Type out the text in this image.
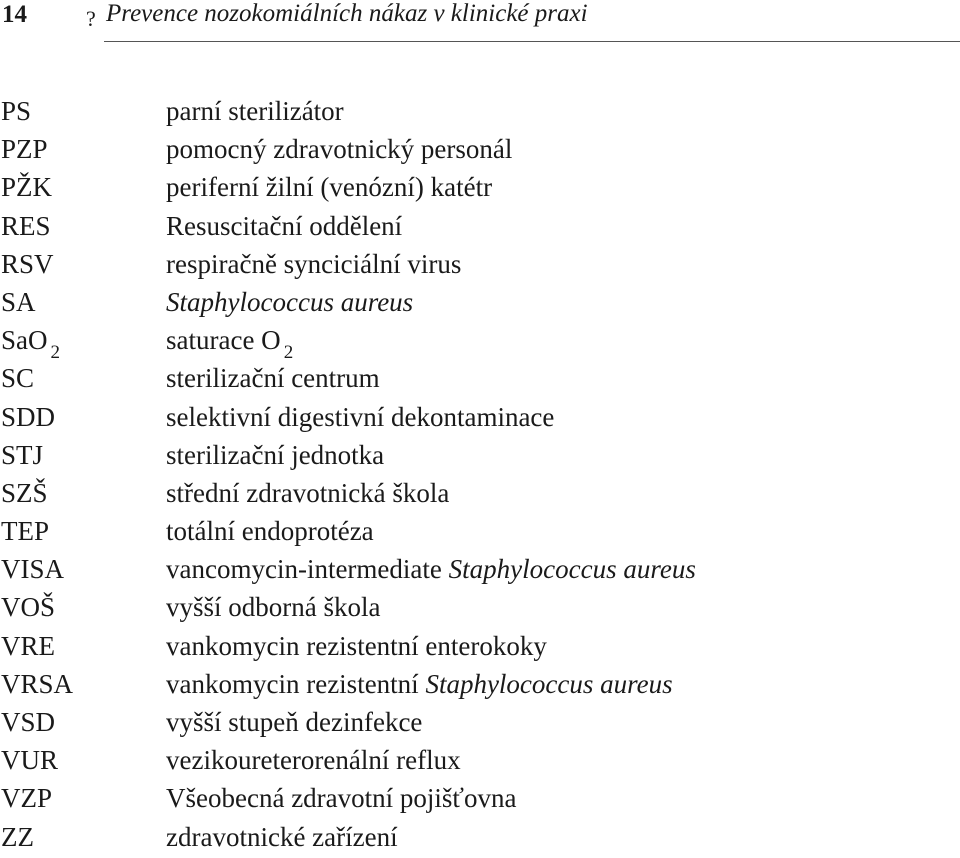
14	? Prevence nozokomiálních nákaz v klinické praxi
PS	parní sterilizátor
PZP	pomocný zdravotnický personál
PŽK	periferní žilní (venózní) katétr
RES	Resuscitační oddělení
RSV	respiračně synciciální virus
SA	Staphylococcus aureus
SaO $_2$	saturace O $_2$
SC	sterilizační centrum
SDD	selektivní digestivní dekontaminace
STJ	sterilizační jednotka
SZŠ	střední zdravotnická škola
TEP	totální endoprotéza
VISA	vancomycin-intermediate Staphylococcus aureus
VOŠ	vyšší odborná škola
VRE	vankomycin rezistentní enterokoky
VRSA	vankomycin rezistentní Staphylococcus aureus
VSD	vyšší stupeň dezinfekce
VUR	vezikoureterorenální reflux
VZP	Všeobecná zdravotní pojišťovna
ZZ	zdravotnické zařízení
